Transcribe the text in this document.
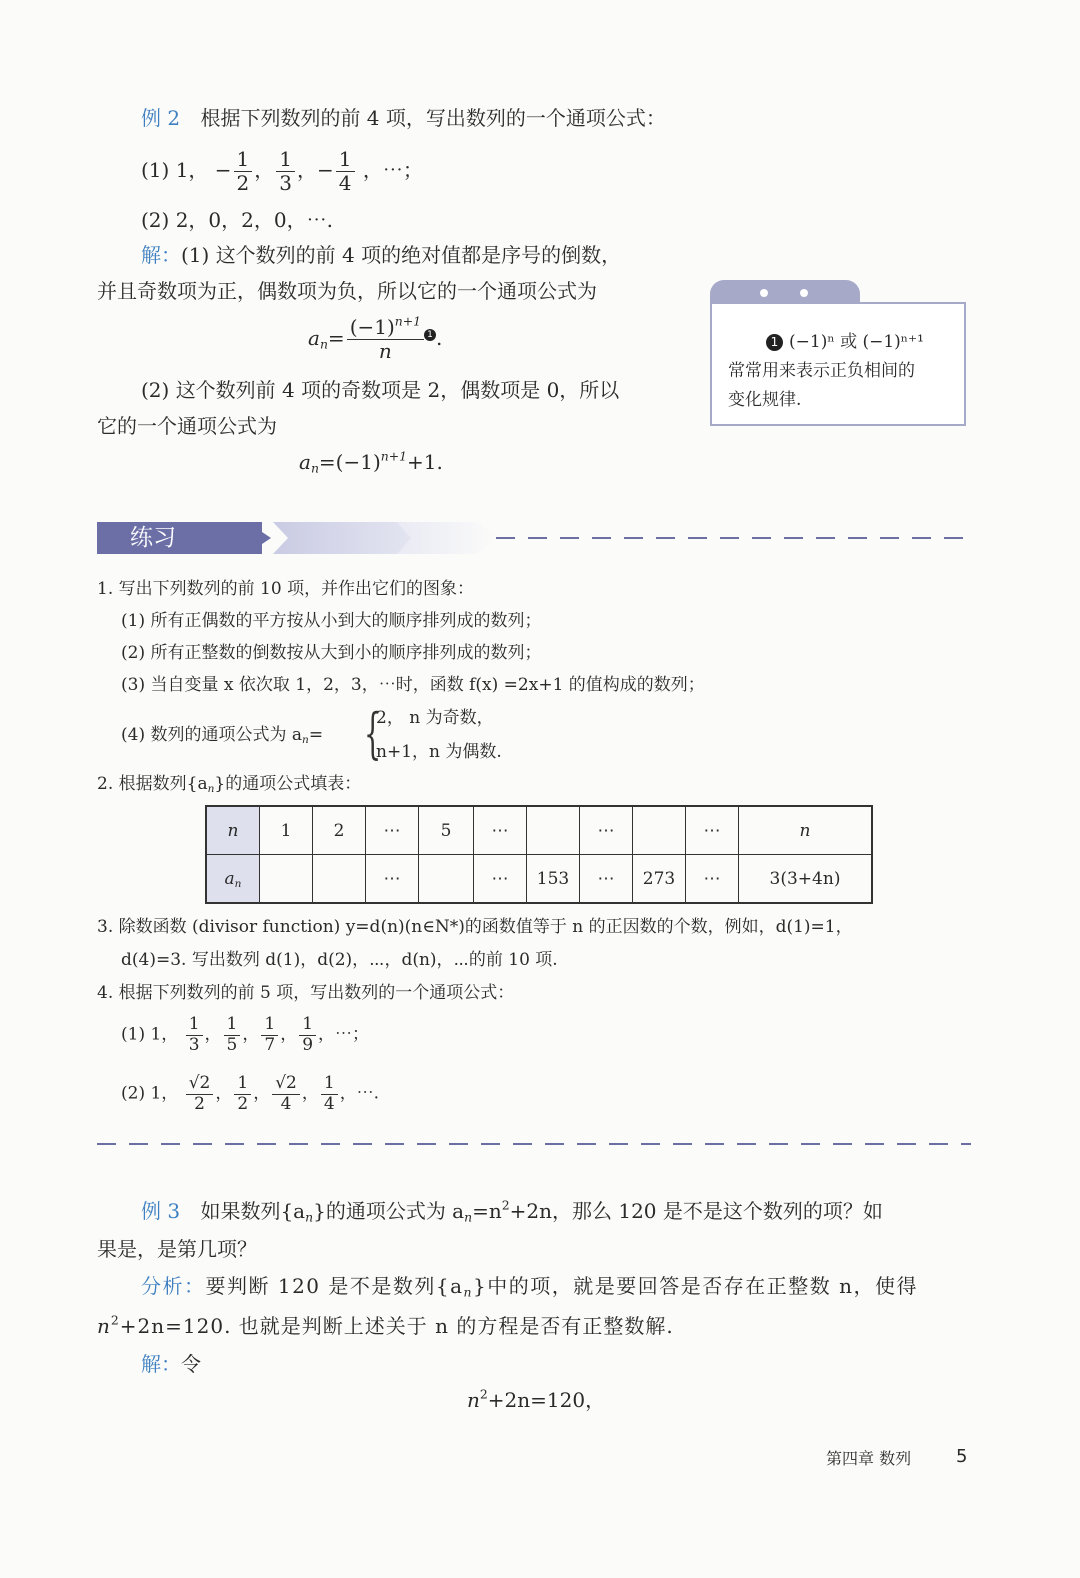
例 2 根据下列数列的前 4 项，写出数列的一个通项公式：
(1) 1， − $\frac{1}{2}$ ， $\frac{1}{3}$ ，− $\frac{1}{4}$ ，⋯；
(2) 2，0，2，0，⋯.
解：(1) 这个数列的前 4 项的绝对值都是序号的倒数，
并且奇数项为正，偶数项为负，所以它的一个通项公式为
$a_n= \frac{(-1)^{n+1}}{n} 1$ .
(2) 这个数列前 4 项的奇数项是 2，偶数项是 0，所以
它的一个通项公式为
$a_n=(-1)^{n+1}+1$.
1 (−1)ⁿ 或 (−1)ⁿ⁺¹
常常用来表示正负相间的
变化规律.
练习
1. 写出下列数列的前 10 项，并作出它们的图象：
(1) 所有正偶数的平方按从小到大的顺序排列成的数列；
(2) 所有正整数的倒数按从大到小的顺序排列成的数列；
(3) 当自变量 x 依次取 1，2，3，⋯时，函数 f(x) =2x+1 的值构成的数列；
(4) 数列的通项公式为 $a_n=$ {
2， n 为奇数，
n+1，n 为偶数.
2. 根据数列$\{a_n\}$的通项公式填表：
n	1	2	⋯	5	⋯		⋯		⋯	n
$a_n$			⋯		⋯	153	⋯	273	⋯	3(3+4n)
3. 除数函数 (divisor function) y=d(n)(n∈N*)的函数值等于 n 的正因数的个数，例如，d(1)=1，
d(4)=3. 写出数列 d(1)，d(2)，⋯，d(n)，⋯的前 10 项.
4. 根据下列数列的前 5 项，写出数列的一个通项公式：
(1) 1， $\frac{1}{3}$ ， $\frac{1}{5}$ ， $\frac{1}{7}$ ， $\frac{1}{9}$ ，⋯；
(2) 1， $\frac{√2}{2}$ ， $\frac{1}{2}$ ， $\frac{√2}{4}$ ， $\frac{1}{4}$ ，⋯.
例 3 如果数列$\{a_n\}$的通项公式为 $a_n=n^2+2n$，那么 120 是不是这个数列的项？如
果是，是第几项？
分析：要判断 120 是不是数列$\{a_n\}$中的项，就是要回答是否存在正整数 n，使得
$n^2+2n=120$. 也就是判断上述关于 n 的方程是否有正整数解.
解：令
$n^2+2n=120$，
第四章 数列 5
